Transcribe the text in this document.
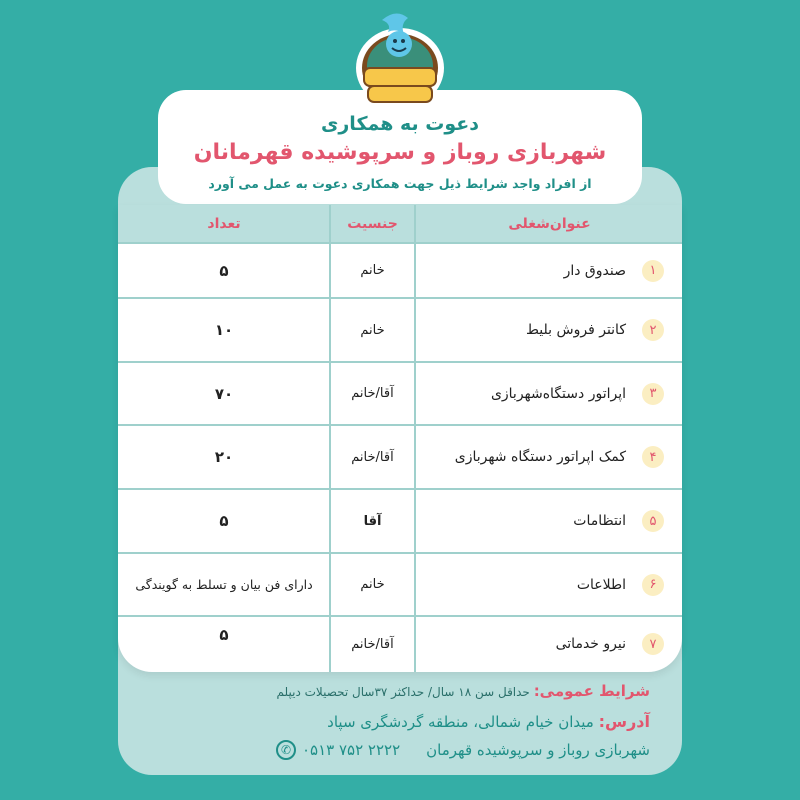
دعوت به همکاری
شهربازی روباز و سرپوشیده قهرمانان
از افراد واجد شرایط ذیل جهت همکاری دعوت به عمل می آورد
عنوان‌شغلی
جنسیت
تعداد
۱
صندوق دار
خانم
۵
۲
کانتر فروش بلیط
خانم
۱۰
۳
اپراتور دستگاه‌شهربازی
آقا/خانم
۷۰
۴
کمک اپراتور دستگاه شهربازی
آقا/خانم
۲۰
۵
انتظامات
آقا
۵
۶
اطلاعات
خانم
دارای فن بیان و تسلط به گویندگی
۷
نیرو خدماتی
آقا/خانم
۵
شرایط عمومی: حداقل سن ۱۸ سال/ حداکثر ۳۷سال تحصیلات دیپلم
آدرس: میدان خیام شمالی، منطقه گردشگری سپاد
شهربازی روباز و سرپوشیده قهرمان
۰۵۱۳ ۷۵۲ ۲۲۲۲
✆
